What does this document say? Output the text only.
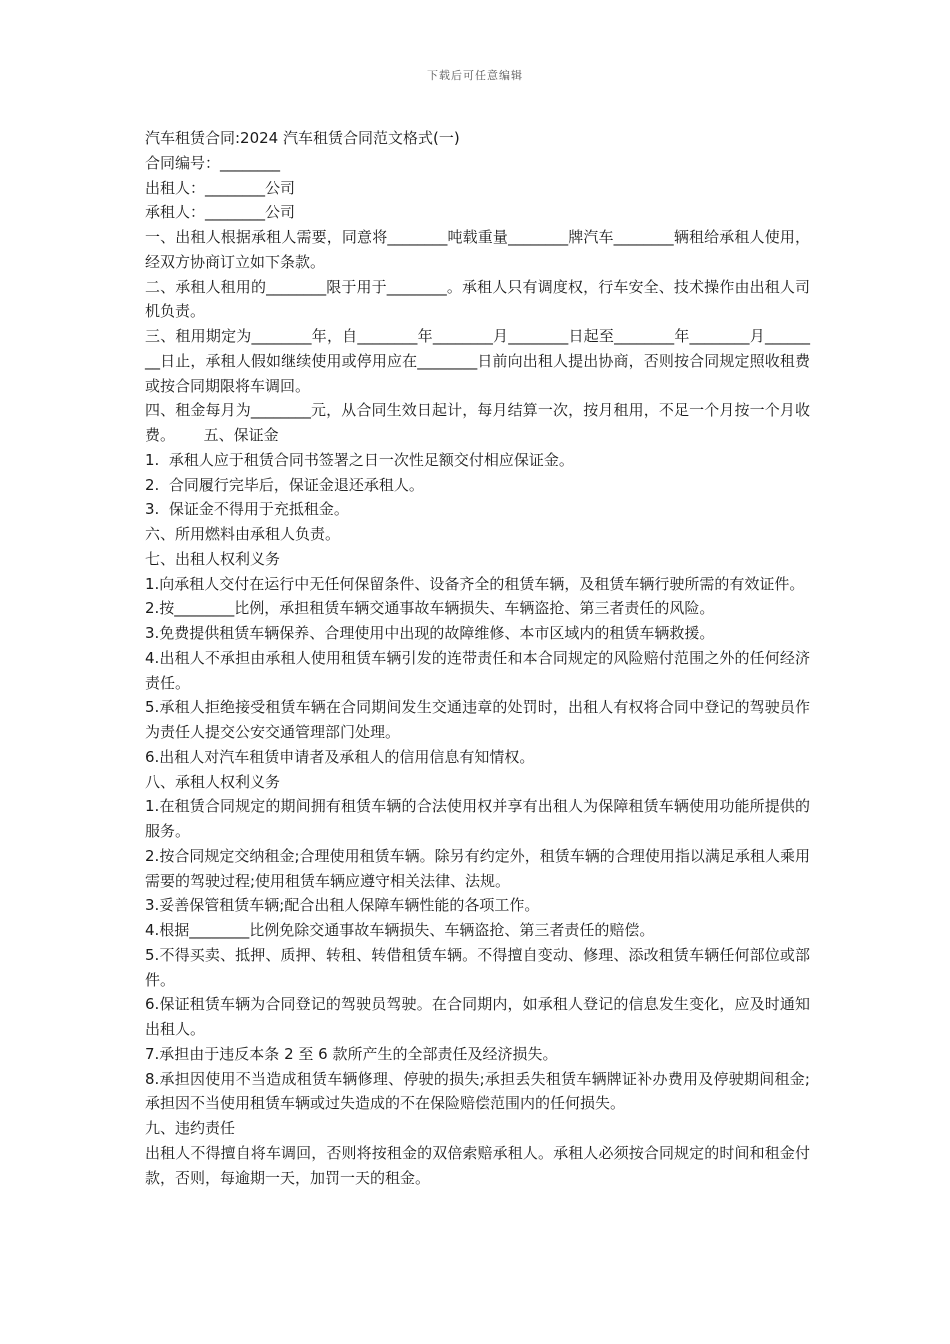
下载后可任意编辑

汽车租赁合同:2024 汽车租赁合同范文格式(一)

合同编号：________

出租人：________公司

承租人：________公司

一、出租人根据承租人需要，同意将________吨载重量________牌汽车________辆租给承租人使用，经双方协商订立如下条款。

二、承租人租用的________限于用于________。承租人只有调度权，行车安全、技术操作由出租人司机负责。

三、租用期定为________年，自________年________月________日起至________年________月________日止，承租人假如继续使用或停用应在________日前向出租人提出协商，否则按合同规定照收租费或按合同期限将车调回。

四、租金每月为________元，从合同生效日起计，每月结算一次，按月租用，不足一个月按一个月收费。      五、保证金

1.  承租人应于租赁合同书签署之日一次性足额交付相应保证金。

2.  合同履行完毕后，保证金退还承租人。

3.  保证金不得用于充抵租金。

六、所用燃料由承租人负责。

七、出租人权利义务

1.向承租人交付在运行中无任何保留条件、设备齐全的租赁车辆，及租赁车辆行驶所需的有效证件。

2.按________比例，承担租赁车辆交通事故车辆损失、车辆盗抢、第三者责任的风险。

3.免费提供租赁车辆保养、合理使用中出现的故障维修、本市区域内的租赁车辆救援。

4.出租人不承担由承租人使用租赁车辆引发的连带责任和本合同规定的风险赔付范围之外的任何经济责任。

5.承租人拒绝接受租赁车辆在合同期间发生交通违章的处罚时，出租人有权将合同中登记的驾驶员作为责任人提交公安交通管理部门处理。

6.出租人对汽车租赁申请者及承租人的信用信息有知情权。

八、承租人权利义务

1.在租赁合同规定的期间拥有租赁车辆的合法使用权并享有出租人为保障租赁车辆使用功能所提供的服务。

2.按合同规定交纳租金;合理使用租赁车辆。除另有约定外，租赁车辆的合理使用指以满足承租人乘用需要的驾驶过程;使用租赁车辆应遵守相关法律、法规。

3.妥善保管租赁车辆;配合出租人保障车辆性能的各项工作。

4.根据________比例免除交通事故车辆损失、车辆盗抢、第三者责任的赔偿。

5.不得买卖、抵押、质押、转租、转借租赁车辆。不得擅自变动、修理、添改租赁车辆任何部位或部件。

6.保证租赁车辆为合同登记的驾驶员驾驶。在合同期内，如承租人登记的信息发生变化，应及时通知出租人。

7.承担由于违反本条 2 至 6 款所产生的全部责任及经济损失。

8.承担因使用不当造成租赁车辆修理、停驶的损失;承担丢失租赁车辆牌证补办费用及停驶期间租金;承担因不当使用租赁车辆或过失造成的不在保险赔偿范围内的任何损失。

九、违约责任

出租人不得擅自将车调回，否则将按租金的双倍索赔承租人。承租人必须按合同规定的时间和租金付款，否则，每逾期一天，加罚一天的租金。
